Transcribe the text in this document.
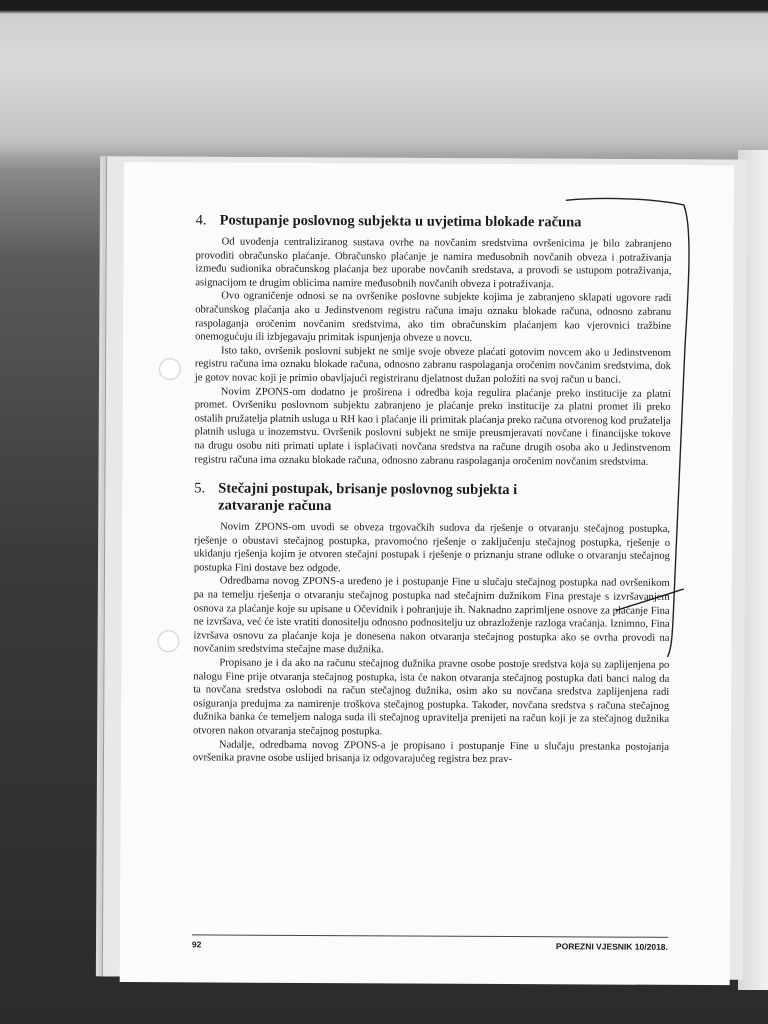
4. Postupanje poslovnog subjekta u uvjetima blokade računa

Od uvođenja centraliziranog sustava ovrhe na novčanim sredstvima ovršenicima je bilo zabranjeno provoditi obračunsko plaćanje. Obračunsko plaćanje je namira međusobnih novčanih obveza i potraživanja između sudionika obračunskog plaćanja bez uporabe novčanih sredstava, a provodi se ustupom potraživanja, asignacijom te drugim oblicima namire međusobnih novčanih obveza i potraživanja.

Ovo ograničenje odnosi se na ovršenike poslovne subjekte kojima je zabranjeno sklapati ugovore radi obračunskog plaćanja ako u Jedinstvenom registru računa imaju oznaku blokade računa, odnosno zabranu raspolaganja oročenim novčanim sredstvima, ako tim obračunskim plaćanjem kao vjerovnici tražbine onemogućuju ili izbjegavaju primitak ispunjenja obveze u novcu.

Isto tako, ovršenik poslovni subjekt ne smije svoje obveze plaćati gotovim novcem ako u Jedinstvenom registru računa ima oznaku blokade računa, odnosno zabranu raspolaganja oročenim novčanim sredstvima, dok je gotov novac koji je primio obavljajući registriranu djelatnost dužan položiti na svoj račun u banci.

Novim ZPONS-om dodatno je proširena i odredba koja regulira plaćanje preko institucije za platni promet. Ovršeniku poslovnom subjektu zabranjeno je plaćanje preko institucije za platni promet ili preko ostalih pružatelja platnih usluga u RH kao i plaćanje ili primitak plaćanja preko računa otvorenog kod pružatelja platnih usluga u inozemstvu. Ovršenik poslovni subjekt ne smije preusmjeravati novčane i financijske tokove na drugu osobu niti primati uplate i isplaćivati novčana sredstva na račune drugih osoba ako u Jedinstvenom registru računa ima oznaku blokade računa, odnosno zabranu raspolaganja oročenim novčanim sredstvima.

5. Stečajni postupak, brisanje poslovnog subjekta i zatvaranje računa

Novim ZPONS-om uvodi se obveza trgovačkih sudova da rješenje o otvaranju stečajnog postupka, rješenje o obustavi stečajnog postupka, pravomoćno rješenje o zaključenju stečajnog postupka, rješenje o ukidanju rješenja kojim je otvoren stečajni postupak i rješenje o priznanju strane odluke o otvaranju stečajnog postupka Fini dostave bez odgode.

Odredbama novog ZPONS-a uređeno je i postupanje Fine u slučaju stečajnog postupka nad ovršenikom pa na temelju rješenja o otvaranju stečajnog postupka nad stečajnim dužnikom Fina prestaje s izvršavanjem osnova za plaćanje koje su upisane u Očevidnik i pohranjuje ih. Naknadno zaprimljene osnove za plaćanje Fina ne izvršava, već će iste vratiti donositelju odnosno podnositelju uz obrazloženje razloga vraćanja. Iznimno, Fina izvršava osnovu za plaćanje koja je donesena nakon otvaranja stečajnog postupka ako se ovrha provodi na novčanim sredstvima stečajne mase dužnika.

Propisano je i da ako na računu stečajnog dužnika pravne osobe postoje sredstva koja su zaplijenjena po nalogu Fine prije otvaranja stečajnog postupka, ista će nakon otvaranja stečajnog postupka dati banci nalog da ta novčana sredstva oslobodi na račun stečajnog dužnika, osim ako su novčana sredstva zaplijenjena radi osiguranja predujma za namirenje troškova stečajnog postupka. Također, novčana sredstva s računa stečajnog dužnika banka će temeljem naloga suda ili stečajnog upravitelja prenijeti na račun koji je za stečajnog dužnika otvoren nakon otvaranja stečajnog postupka.

Nadalje, odredbama novog ZPONS-a je propisano i postupanje Fine u slučaju prestanka postojanja ovršenika pravne osobe uslijed brisanja iz odgovarajućeg registra bez prav-

92	POREZNI VJESNIK 10/2018.
